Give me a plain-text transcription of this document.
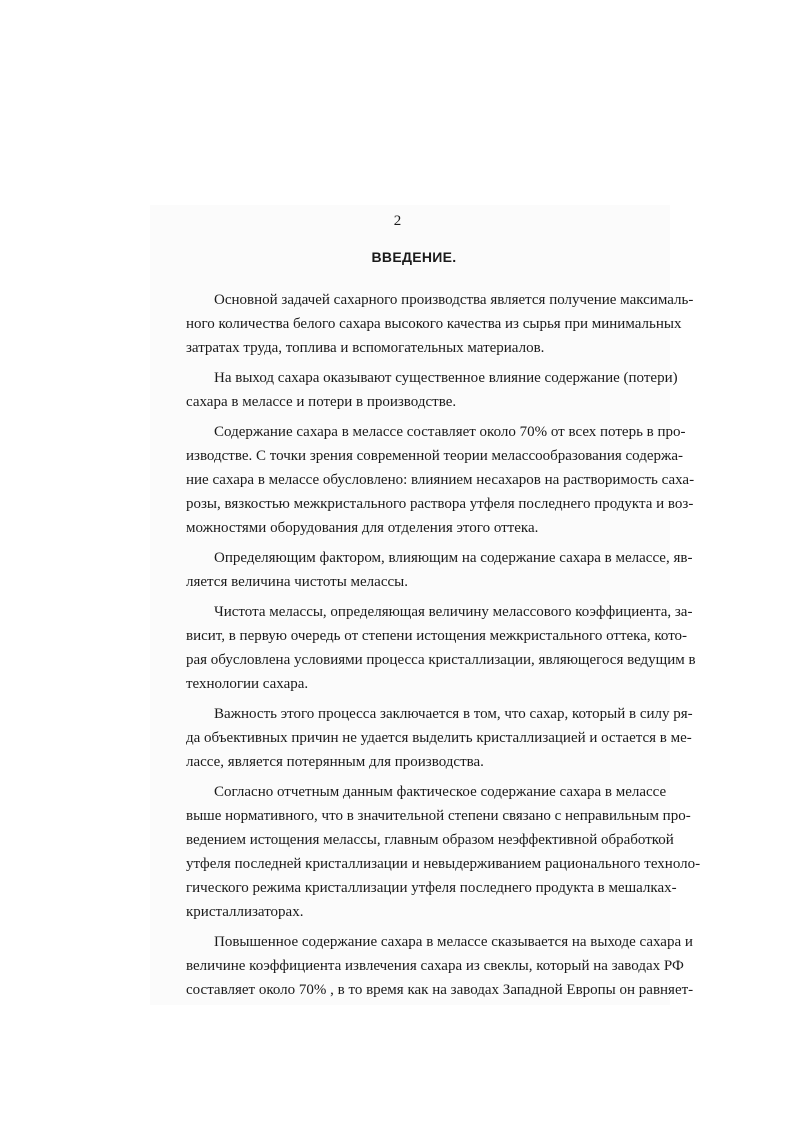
2
ВВЕДЕНИЕ.
Основной задачей сахарного производства является получение максималь-
ного количества белого сахара высокого качества из сырья при минимальных
затратах труда, топлива и вспомогательных материалов.
На выход сахара оказывают существенное влияние содержание (потери)
сахара в мелассе и потери в производстве.
Содержание сахара в мелассе составляет около 70% от всех потерь в про-
изводстве. С точки зрения современной теории мелассообразования содержа-
ние сахара в мелассе обусловлено: влиянием несахаров на растворимость саха-
розы, вязкостью межкристального раствора утфеля последнего продукта и воз-
можностями оборудования для отделения этого оттека.
Определяющим фактором, влияющим на содержание сахара в мелассе, яв-
ляется величина чистоты мелассы.
Чистота мелассы, определяющая величину мелассового коэффициента, за-
висит, в первую очередь от степени истощения межкристального оттека, кото-
рая обусловлена условиями процесса кристаллизации, являющегося ведущим в
технологии сахара.
Важность этого процесса заключается в том, что сахар, который в силу ря-
да объективных причин не удается выделить кристаллизацией и остается в ме-
лассе, является потерянным для производства.
Согласно отчетным данным фактическое содержание сахара в мелассе
выше нормативного, что в значительной степени связано с неправильным про-
ведением истощения мелассы, главным образом неэффективной обработкой
утфеля последней кристаллизации и невыдерживанием рационального техноло-
гического режима кристаллизации утфеля последнего продукта в мешалках-
кристаллизаторах.
Повышенное содержание сахара в мелассе сказывается на выходе сахара и
величине коэффициента извлечения сахара из свеклы, который на заводах РФ
составляет около 70% , в то время как на заводах Западной Европы он равняет-
